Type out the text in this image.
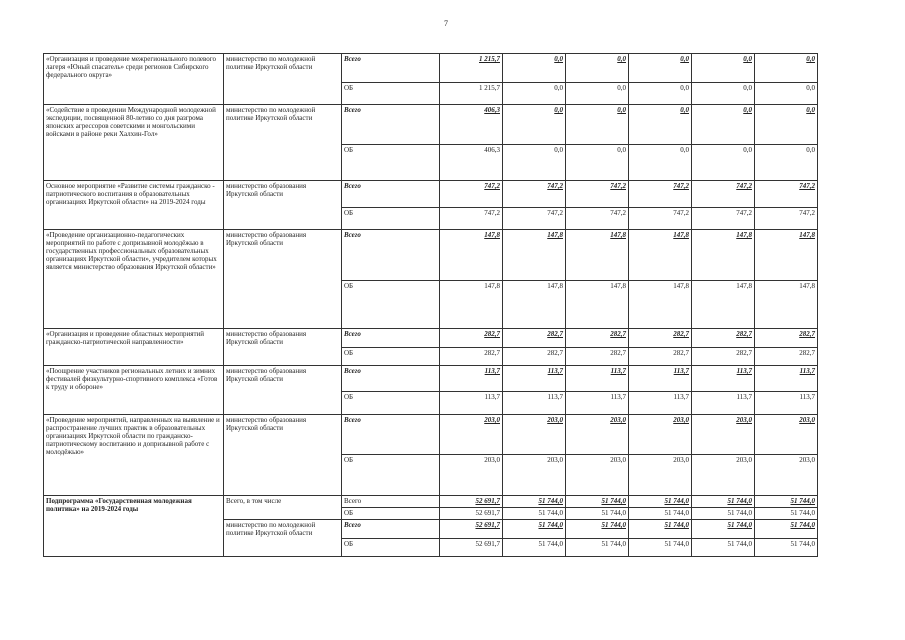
7
«Организация и проведение межрегионального полевого лагеря «Юный спасатель» среди регионов Сибирского федерального округа»	министерство по молодежной политике Иркутской области	Всего	1 215,7	0,0	0,0	0,0	0,0	0,0
		ОБ	1 215,7	0,0	0,0	0,0	0,0	0,0
«Содействие в проведении Международной молодежной экспедиции, посвященной 80-летию со дня разгрома японских агрессоров советскими и монгольскими войсками в районе реки Халхин-Гол»	министерство по молодежной политике Иркутской области	Всего	406,3	0,0	0,0	0,0	0,0	0,0
		ОБ	406,3	0,0	0,0	0,0	0,0	0,0
Основное мероприятие «Развитие системы гражданско - патриотического воспитания в образовательных организациях Иркутской области» на 2019-2024 годы	министерство образования Иркутской области	Всего	747,2	747,2	747,2	747,2	747,2	747,2
		ОБ	747,2	747,2	747,2	747,2	747,2	747,2
«Проведение организационно-педагогических мероприятий по работе с допризывной молодёжью в государственных профессиональных образовательных организациях Иркутской области», учредителем которых является министерство образования Иркутской области»	министерство образования Иркутской области	Всего	147,8	147,8	147,8	147,8	147,8	147,8
		ОБ	147,8	147,8	147,8	147,8	147,8	147,8
«Организация и проведение областных мероприятий гражданско-патриотической направленности»	министерство образования Иркутской области	Всего	282,7	282,7	282,7	282,7	282,7	282,7
		ОБ	282,7	282,7	282,7	282,7	282,7	282,7
«Поощрение участников региональных летних и зимних фестивалей физкультурно-спортивного комплекса «Готов к труду и обороне»	министерство образования Иркутской области	Всего	113,7	113,7	113,7	113,7	113,7	113,7
		ОБ	113,7	113,7	113,7	113,7	113,7	113,7
«Проведение мероприятий, направленных на выявление и распространение лучших практик в образовательных организациях Иркутской области по гражданско-патриотическому воспитанию и допризывной работе с молодёжью»	министерство образования Иркутской области	Всего	203,0	203,0	203,0	203,0	203,0	203,0
		ОБ	203,0	203,0	203,0	203,0	203,0	203,0
Подпрограмма «Государственная молодежная политика» на 2019-2024 годы	Всего, в том числе	Всего	52 691,7	51 744,0	51 744,0	51 744,0	51 744,0	51 744,0
		ОБ	52 691,7	51 744,0	51 744,0	51 744,0	51 744,0	51 744,0
	министерство по молодежной политике Иркутской области	Всего	52 691,7	51 744,0	51 744,0	51 744,0	51 744,0	51 744,0
		ОБ	52 691,7	51 744,0	51 744,0	51 744,0	51 744,0	51 744,0
